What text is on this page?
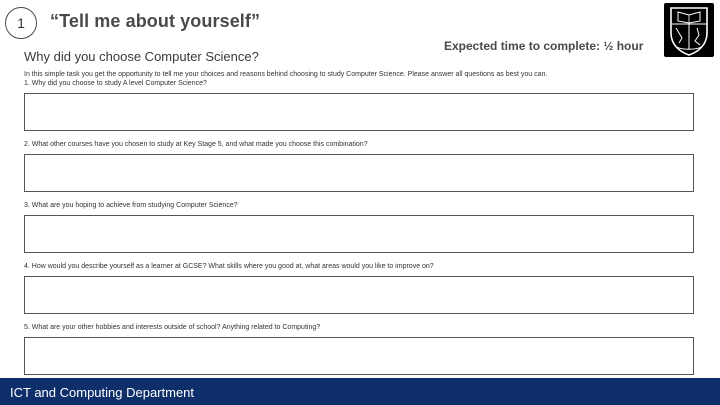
1 “Tell me about yourself”
Expected time to complete: ½ hour
Why did you choose Computer Science?
In this simple task you get the opportunity to tell me your choices and reasons behind choosing to study Computer Science. Please answer all questions as best you can.
1. Why did you choose to study A level Computer Science?
2. What other courses have you chosen to study at Key Stage 5, and what made you choose this combination?
3. What are you hoping to achieve from studying Computer Science?
4. How would you describe yourself as a learner at GCSE? What skills where you good at, what areas would you like to improve on?
5. What are your other hobbies and interests outside of school? Anything related to Computing?
ICT and Computing Department
